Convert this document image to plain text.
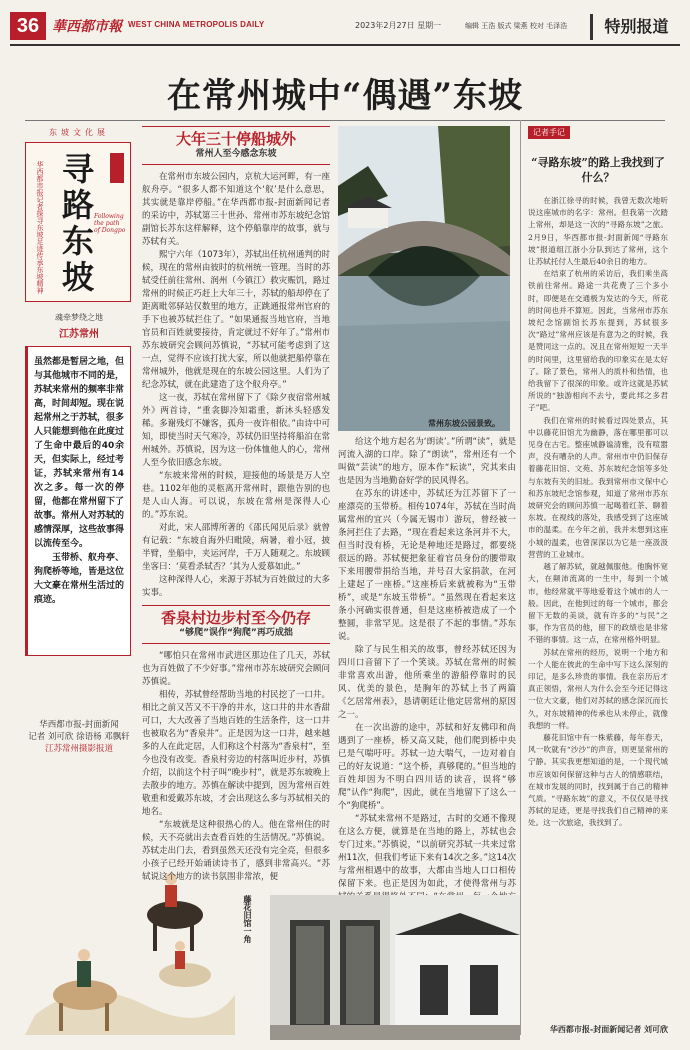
36 華西都市報 WEST CHINA METROPOLIS DAILY	2023年2月27日 星期一	编辑 王浩 版式 梁燕 校对 毛泽浩	特别报道
在常州城中“偶遇”东坡
东坡文化展
华西都市报记者探寻东坡足迹传承东坡精神 寻路东坡
Following the path of Dongpo
魂牵梦绕之地
江苏常州

虽然都是暂居之地，但与其他城市不同的是，苏轼来常州的频率非常高，时间却短。现在说起常州之于苏轼，很多人只能想到他在此度过了生命中最后的40余天，但实际上，经过考证，苏轼来常州有14次之多。每一次的停留，他都在常州留下了故事。常州人对苏轼的感情深厚，这些故事得以流传至今。
　　玉带桥、舣舟亭、狗爬桥等地，皆是这位大文豪在常州生活过的痕迹。

华西都市报-封面新闻
记者 刘可欣 徐语杨 邓飘轩
江苏常州摄影报道
大年三十停船城外
常州人至今感念东坡

在常州市东坡公园内，京杭大运河畔，有一座舣舟亭。“很多人都不知道这个‘舣’是什么意思，其实就是靠岸停船。”在华西都市报-封面新闻记者的采访中，苏轼第三十世孙、常州市苏东坡纪念馆副馆长苏东这样解释，这个停船靠岸的故事，就与苏轼有关。

熙宁六年（1073年），苏轼出任杭州通判的时候，现在的常州由彼时的杭州统一管理。当时的苏轼受任前往常州、润州（今镇江）救灾赈饥，路过常州的时候正巧赶上大年三十，苏轼的船却停在了距离毗邻驿站仅数里的地方，正跳通报常州官府的手下也被苏轼拦住了。“如果通报当地官府，当地官员和百姓就要接待，肯定就过不好年了。”常州市苏东坡研究会顾问苏慎说，“苏轼可能考虑到了这一点，觉得不应该打扰大家，所以他就把船停靠在常州城外，他就是现在的东坡公园这里。人们为了纪念苏轼，就在此建造了这个舣舟亭。”

这一夜，苏轼在常州留下了《除夕夜宿常州城外》两首诗，“重衾脚冷知霜重，新沐头轻感发稀。多谢残灯不嫌客，孤舟一夜许相依。”由诗中可知，即使当时天气寒冷，苏轼仍旧坚持将船泊在常州城外。苏慎说，因为这一份体恤他人的心，常州人至今依旧感念东坡。

“东坡来常州的时候，迎接他的场景是万人空巷。1102年他的灵柩离开常州时，跟他告别的也是人山人海。可以说，东坡在常州是深得人心的。”苏东说。

对此，宋人邵博所著的《邵氏闻见后录》就曾有记载：“东坡自海外归毗陵，病暑，着小冠，披半臂，坐船中，夹运河岸，千万人随观之。东坡顾坐客曰：‘莫看杀轼否？’其为人爱慕如此。”

这种深得人心，来源于苏轼为百姓做过的大多实事。

香泉村边步村至今仍存
“够爬”误作“狗爬”再巧成拙

“哪怕只在常州市武进区那边住了几天，苏轼也为百姓做了不少好事。”常州市苏东坡研究会顾问苏慎说。

相传，苏轼曾经帮助当地的村民挖了一口井。相比之前又苦又不干净的井水，这口井的井水香甜可口，大大改善了当地百姓的生活条件，这一口井也被取名为“香泉井”。正是因为这一口井，越来越多的人在此定居，人们称这个村落为“香泉村”，至今也没有改变。香泉村旁边的村落叫近步村，苏慎介绍，以前这个村子叫“晚步村”，就是苏东坡晚上去散步的地方。苏慎在解读中提到，因为常州百姓敬重和爱戴苏东坡，才会出现这么多与苏轼相关的地名。

“东坡就是这种很热心的人。他在常州住的时候，天不亮就出去查看百姓的生活情况。”苏慎说。苏轼走出门去，看到虽然天还没有完全亮，但很多小孩子已经开始诵读诗书了，感到非常高兴。“苏轼说这个地方的读书氛围非常浓，便

常州东坡公园景致。

给这个地方起名为‘朗读’。”所谓“读”，就是河流入湖的口岸。除了“朗读”，常州还有一个叫做“芸读”的地方，原本作“耘读”，究其来由也是因为当地勤奋好学的民风得名。

在苏东的讲述中，苏轼还为江苏留下了一座漂亮的玉带桥。相传1074年，苏轼在当时尚属常州的宜兴（今属无锡市）游玩，曾经被一条河拦住了去路，“现在看起来这条河并不大，但当时没有桥，无论是种地还是路过，都要绕很远的路。苏轼便把象征着官员身份的腰带取下来用腰带捐给当地，并号召大家捐款，在河上建起了一座桥。”这座桥后来就被称为“玉带桥”，或是“东坡玉带桥”。“虽然现在看起来这条小河确实很普通，但是这座桥被造成了一个整圆，非常罕见。这是很了不起的事情。”苏东说。

除了与民生相关的故事，曾经苏轼还因为四川口音留下了一个笑谈。苏轼在常州的时候非常喜欢出游，他所乘坐的游船停靠时的民风、优美的景色，是胸年的苏轼上书了两篇《乞居常州表》，恳请朝廷让他定居常州的原因之一。

在一次出游的途中，苏轼和好友佛印和尚遇到了一座桥，桥又高又陡，他们爬到桥中央已是气喘吁吁。苏轼一边大喘气，一边对着自己的好友说道：“这个桥，真够爬的。”但当地的百姓却因为不明白四川话的读音，误将“够爬”认作“狗爬”，因此，就在当地留下了这么一个“狗爬桥”。

“苏轼来常州不是路过，古时的交通不像现在这么方便，就算是在当地的路上，苏轼也会专门过来。”苏慎说，“以前研究苏轼一共来过常州11次，但我们考证下来有14次之多。”这14次与常州相遇中的故事，大都由当地人口口相传保留下来。也正是因为如此，才使得常州与苏

藤花旧馆一角
记者手记
“寻路东坡”的路上我找到了什么？

在浙江徐寻的时候，我曾无数次地听说这座城市的名字：常州。但我第一次踏上常州，却是这一次的“寻路东坡”之旅。2月9日，华西都市报-封面新闻“寻路东坡”报道组江浙小分队到达了常州，这个让苏轼托付人生最后40余日的地方。

在结束了杭州的采访后，我们乘坐高铁前往常州。路途一共花费了三个多小时，即便是在交通极为发达的今天，所花的时间也并不算短。因此，当常州市苏东坡纪念馆副馆长苏东提到，苏轼很多次“路过”常州应该是有意为之的时候，我是赞同这一点的。况且在常州短短一天半的时间里，这里留给我的印象实在是太好了。除了景色，常州人的质朴和热情，也给我留下了很深的印象。或许这就是苏轼所说的“独游相向不去兮，要此邦之多君子”吧。

我们在常州的时候看过四处景点，其中以藤花旧馆尤为幽静，落在哪里都可以见身在古宅。整座城静谧清雅，没有喧嚣声，没有嘈杂的人声。常州市中仍旧保存着藤花旧馆、文苑、苏东坡纪念馆等多处与东坡有关的旧址。我到常州市文保中心和苏东坡纪念馆参观，知道了常州市苏东坡研究会的顾问苏慎一起喝着红茶、聊着东坡。在视线的落处，我感受到了这座城市的温柔。在今年之前，我并未想到这座小城的温柔，也曾深深以为它是一座汲汲营营的工业城市。

越了解苏轼，就越佩服他。他胸怀宽大，在颠沛流离的一生中，每到一个城市，他经常就平等地爱着这个城市的人一般。因此，在他到过的每一个城市，都会留下无数的美谈，就有许多的“与民”之事，作为官员的他，留下的政绩也是非常不错的事情。这一点，在常州格外明显。

苏轼在常州的经历，说明一个地方和一个人能在彼此的生命中写下这么深刻的印记，是多么珍贵的事情。我在亲历后才真正领悟，常州人为什么会至今还记得这一位大文豪，他们对苏轼的感念深沉而长久，对东坡精神的传承也从未停止，就像我想的一样。

藤花旧馆中有一株紫藤，每年春天，风一吹就有“沙沙”的声音，则更显常州的宁静。其实我更想知道的是，一个现代城市应该如何保留这种与古人的情感联结，在城市发展的同时，找到属于自己的精神气质。“寻路东坡”的意义，不仅仅是寻找苏轼的足迹，更是寻找我们自己精神的来处。这一次旅途，我找到了。

华西都市报-封面新闻记者 刘可欣
